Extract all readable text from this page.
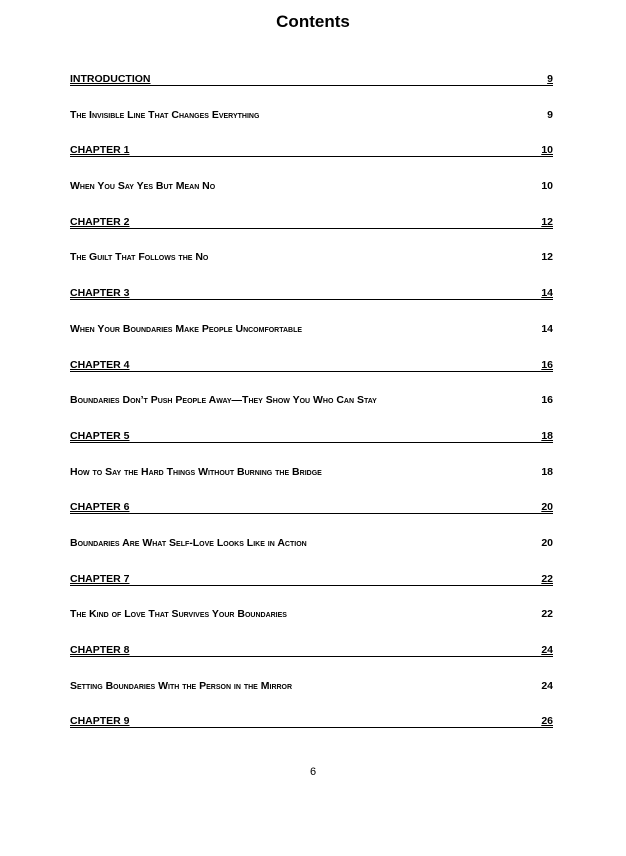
Contents
INTRODUCTION	9
The Invisible Line That Changes Everything	9
CHAPTER 1	10
When You Say Yes But Mean No	10
CHAPTER 2	12
The Guilt That Follows the No	12
CHAPTER 3	14
When Your Boundaries Make People Uncomfortable	14
CHAPTER 4	16
Boundaries Don’t Push People Away—They Show You Who Can Stay	16
CHAPTER 5	18
How to Say the Hard Things Without Burning the Bridge	18
CHAPTER 6	20
Boundaries Are What Self-Love Looks Like in Action	20
CHAPTER 7	22
The Kind of Love That Survives Your Boundaries	22
CHAPTER 8	24
Setting Boundaries With the Person in the Mirror	24
CHAPTER 9	26
6
